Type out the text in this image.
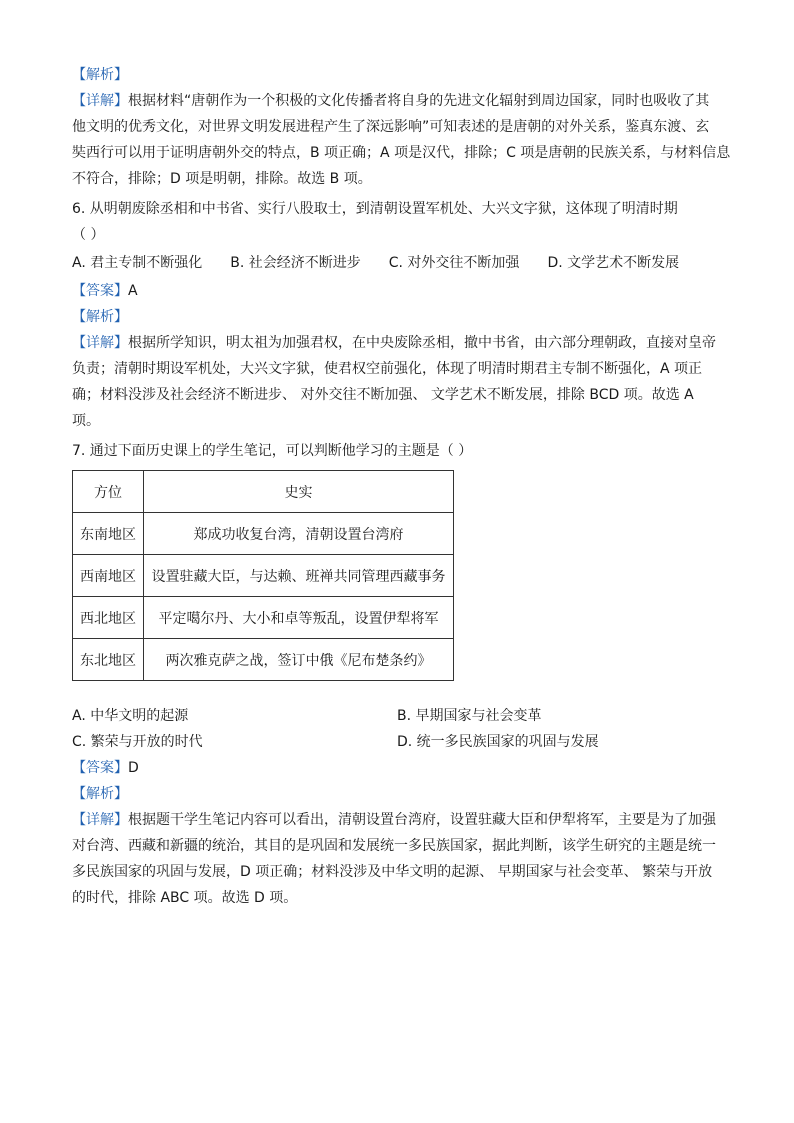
【解析】

【详解】根据材料“唐朝作为一个积极的文化传播者将自身的先进文化辐射到周边国家，同时也吸收了其

他文明的优秀文化，对世界文明发展进程产生了深远影响”可知表述的是唐朝的对外关系，鉴真东渡、玄

奘西行可以用于证明唐朝外交的特点，B 项正确；A 项是汉代，排除；C 项是唐朝的民族关系，与材料信息

不符合，排除；D 项是明朝，排除。故选 B 项。

6. 从明朝废除丞相和中书省、实行八股取士，到清朝设置军机处、大兴文字狱，这体现了明清时期

（ ）

A. 君主专制不断强化 B. 社会经济不断进步 C. 对外交往不断加强 D. 文学艺术不断发展

【答案】A

【解析】

【详解】根据所学知识，明太祖为加强君权，在中央废除丞相，撤中书省，由六部分理朝政，直接对皇帝

负责；清朝时期设军机处，大兴文字狱，使君权空前强化，体现了明清时期君主专制不断强化，A 项正

确；材料没涉及社会经济不断进步、 对外交往不断加强、 文学艺术不断发展，排除 BCD 项。故选 A

项。

7. 通过下面历史课上的学生笔记，可以判断他学习的主题是（ ）

方位	史实
东南地区	郑成功收复台湾，清朝设置台湾府
西南地区	设置驻藏大臣，与达赖、班禅共同管理西藏事务
西北地区	平定噶尔丹、大小和卓等叛乱，设置伊犁将军
东北地区	两次雅克萨之战，签订中俄《尼布楚条约》
A. 中华文明的起源	B. 早期国家与社会变革
C. 繁荣与开放的时代	D. 统一多民族国家的巩固与发展

【答案】D

【解析】

【详解】根据题干学生笔记内容可以看出，清朝设置台湾府，设置驻藏大臣和伊犁将军，主要是为了加强

对台湾、西藏和新疆的统治，其目的是巩固和发展统一多民族国家，据此判断，该学生研究的主题是统一

多民族国家的巩固与发展，D 项正确；材料没涉及中华文明的起源、 早期国家与社会变革、 繁荣与开放

的时代，排除 ABC 项。故选 D 项。
